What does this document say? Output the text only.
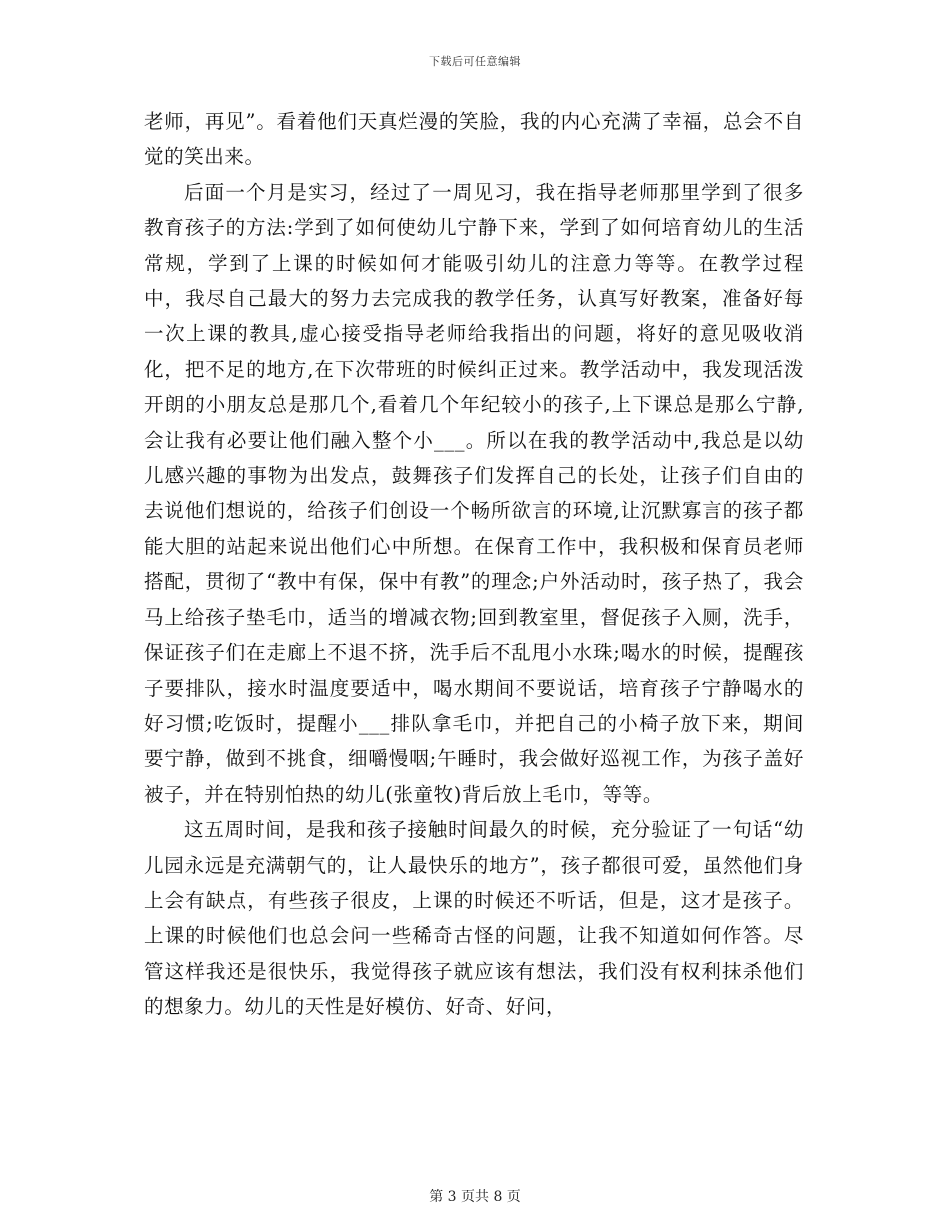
下载后可任意编辑

老师，再见”。看着他们天真烂漫的笑脸，我的内心充满了幸福，总会不自觉的笑出来。

后面一个月是实习，经过了一周见习，我在指导老师那里学到了很多教育孩子的方法:学到了如何使幼儿宁静下来，学到了如何培育幼儿的生活常规，学到了上课的时候如何才能吸引幼儿的注意力等等。在教学过程中，我尽自己最大的努力去完成我的教学任务，认真写好教案，准备好每一次上课的教具,虚心接受指导老师给我指出的问题，将好的意见吸收消化，把不足的地方,在下次带班的时候纠正过来。教学活动中，我发现活泼开朗的小朋友总是那几个,看着几个年纪较小的孩子,上下课总是那么宁静,会让我有必要让他们融入整个小___。所以在我的教学活动中,我总是以幼儿感兴趣的事物为出发点，鼓舞孩子们发挥自己的长处，让孩子们自由的去说他们想说的，给孩子们创设一个畅所欲言的环境,让沉默寡言的孩子都能大胆的站起来说出他们心中所想。在保育工作中，我积极和保育员老师搭配，贯彻了“教中有保，保中有教”的理念;户外活动时，孩子热了，我会马上给孩子垫毛巾，适当的增减衣物;回到教室里，督促孩子入厕，洗手，保证孩子们在走廊上不退不挤，洗手后不乱甩小水珠;喝水的时候，提醒孩子要排队，接水时温度要适中，喝水期间不要说话，培育孩子宁静喝水的好习惯;吃饭时，提醒小___排队拿毛巾，并把自己的小椅子放下来，期间要宁静，做到不挑食，细嚼慢咽;午睡时，我会做好巡视工作，为孩子盖好被子，并在特别怕热的幼儿(张童牧)背后放上毛巾，等等。

这五周时间，是我和孩子接触时间最久的时候，充分验证了一句话“幼儿园永远是充满朝气的，让人最快乐的地方”，孩子都很可爱，虽然他们身上会有缺点，有些孩子很皮，上课的时候还不听话，但是，这才是孩子。上课的时候他们也总会问一些稀奇古怪的问题，让我不知道如何作答。尽管这样我还是很快乐，我觉得孩子就应该有想法，我们没有权利抹杀他们的想象力。幼儿的天性是好模仿、好奇、好问，

第 3 页共 8 页
